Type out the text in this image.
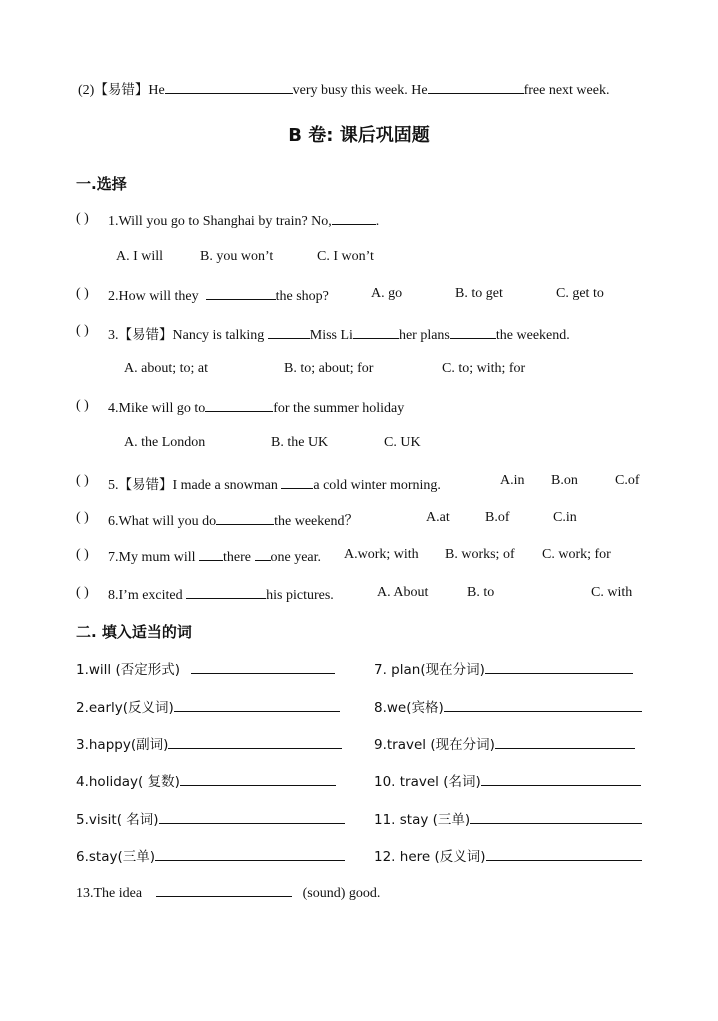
(2)【易错】He	very busy this week. He	free next week.
B 卷: 课后巩固题
一.选择
( ) 1.Will you go to Shanghai by train? No,	.
A. I will	B. you won’t	C. I won’t
( ) 2.How will they	the shop?	A. go	B. to get	C. get to
( ) 3.【易错】Nancy is talking	Miss Li	her plans	the weekend.
A. about; to; at	B. to; about; for	C. to; with; for
( ) 4.Mike will go to	for the summer holiday
A. the London	B. the UK	C. UK
( ) 5.【易错】I made a snowman	a cold winter morning.	A.in B.on	C.of
( ) 6.What will you do	the weekend？	A.at	B.of	C.in
( ) 7.My mum will there one year. A.work; with B. works; of C. work; for
( ) 8.I’m excited	his pictures.	A. About	B. to	C. with
二. 填入适当的词
1.will (否定形式)
2.early(反义词)
3.happy(副词)
4.holiday( 复数)
5.visit( 名词)
6.stay(三单)
7. plan(现在分词)
8.we(宾格)
9.travel (现在分词)
10. travel (名词)
11. stay (三单)
12. here (反义词)
13.The idea	(sound) good.
